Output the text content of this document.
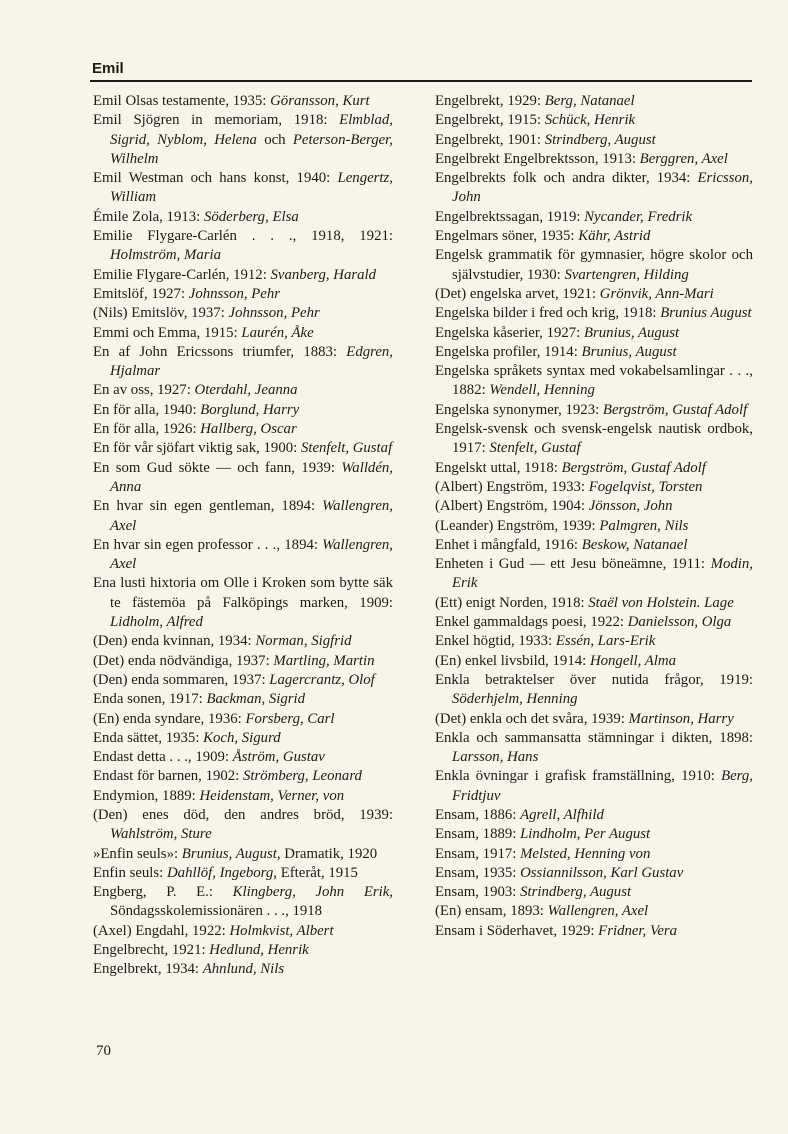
Emil
Emil Olsas testamente, 1935: Göransson, Kurt
Emil Sjögren in memoriam, 1918: Elmblad, Sigrid, Nyblom, Helena och Peterson-Berger, Wilhelm
Emil Westman och hans konst, 1940: Lengertz, William
Émile Zola, 1913: Söderberg, Elsa
Emilie Flygare-Carlén . . ., 1918, 1921: Holmström, Maria
Emilie Flygare-Carlén, 1912: Svanberg, Harald
Emitslöf, 1927: Johnsson, Pehr
(Nils) Emitslöv, 1937: Johnsson, Pehr
Emmi och Emma, 1915: Laurén, Åke
En af John Ericssons triumfer, 1883: Edgren, Hjalmar
En av oss, 1927: Oterdahl, Jeanna
En för alla, 1940: Borglund, Harry
En för alla, 1926: Hallberg, Oscar
En för vår sjöfart viktig sak, 1900: Stenfelt, Gustaf
En som Gud sökte — och fann, 1939: Walldén, Anna
En hvar sin egen gentleman, 1894: Wallengren, Axel
En hvar sin egen professor . . ., 1894: Wallengren, Axel
Ena lusti hixtoria om Olle i Kroken som bytte säk te fästemöa på Falköpings marken, 1909: Lidholm, Alfred
(Den) enda kvinnan, 1934: Norman, Sigfrid
(Det) enda nödvändiga, 1937: Martling, Martin
(Den) enda sommaren, 1937: Lagercrantz, Olof
Enda sonen, 1917: Backman, Sigrid
(En) enda syndare, 1936: Forsberg, Carl
Enda sättet, 1935: Koch, Sigurd
Endast detta . . ., 1909: Åström, Gustav
Endast för barnen, 1902: Strömberg, Leonard
Endymion, 1889: Heidenstam, Verner, von
(Den) enes död, den andres bröd, 1939: Wahlström, Sture
»Enfin seuls»: Brunius, August, Dramatik, 1920
Enfin seuls: Dahllöf, Ingeborg, Efteråt, 1915
Engberg, P. E.: Klingberg, John Erik, Söndagsskolemissionären . . ., 1918
(Axel) Engdahl, 1922: Holmkvist, Albert
Engelbrecht, 1921: Hedlund, Henrik
Engelbrekt, 1934: Ahnlund, Nils
Engelbrekt, 1929: Berg, Natanael
Engelbrekt, 1915: Schück, Henrik
Engelbrekt, 1901: Strindberg, August
Engelbrekt Engelbrektsson, 1913: Berggren, Axel
Engelbrekts folk och andra dikter, 1934: Ericsson, John
Engelbrektssagan, 1919: Nycander, Fredrik
Engelmars söner, 1935: Kähr, Astrid
Engelsk grammatik för gymnasier, högre skolor och självstudier, 1930: Svartengren, Hilding
(Det) engelska arvet, 1921: Grönvik, Ann-Mari
Engelska bilder i fred och krig, 1918: Brunius August
Engelska kåserier, 1927: Brunius, August
Engelska profiler, 1914: Brunius, August
Engelska språkets syntax med vokabelsamlingar . . ., 1882: Wendell, Henning
Engelska synonymer, 1923: Bergström, Gustaf Adolf
Engelsk-svensk och svensk-engelsk nautisk ordbok, 1917: Stenfelt, Gustaf
Engelskt uttal, 1918: Bergström, Gustaf Adolf
(Albert) Engström, 1933: Fogelqvist, Torsten
(Albert) Engström, 1904: Jönsson, John
(Leander) Engström, 1939: Palmgren, Nils
Enhet i mångfald, 1916: Beskow, Natanael
Enheten i Gud — ett Jesu böneämne, 1911: Modin, Erik
(Ett) enigt Norden, 1918: Staël von Holstein. Lage
Enkel gammaldags poesi, 1922: Danielsson, Olga
Enkel högtid, 1933: Essén, Lars-Erik
(En) enkel livsbild, 1914: Hongell, Alma
Enkla betraktelser över nutida frågor, 1919: Söderhjelm, Henning
(Det) enkla och det svåra, 1939: Martinson, Harry
Enkla och sammansatta stämningar i dikten, 1898: Larsson, Hans
Enkla övningar i grafisk framställning, 1910: Berg, Fridtjuv
Ensam, 1886: Agrell, Alfhild
Ensam, 1889: Lindholm, Per August
Ensam, 1917: Melsted, Henning von
Ensam, 1935: Ossiannilsson, Karl Gustav
Ensam, 1903: Strindberg, August
(En) ensam, 1893: Wallengren, Axel
Ensam i Söderhavet, 1929: Fridner, Vera
70
